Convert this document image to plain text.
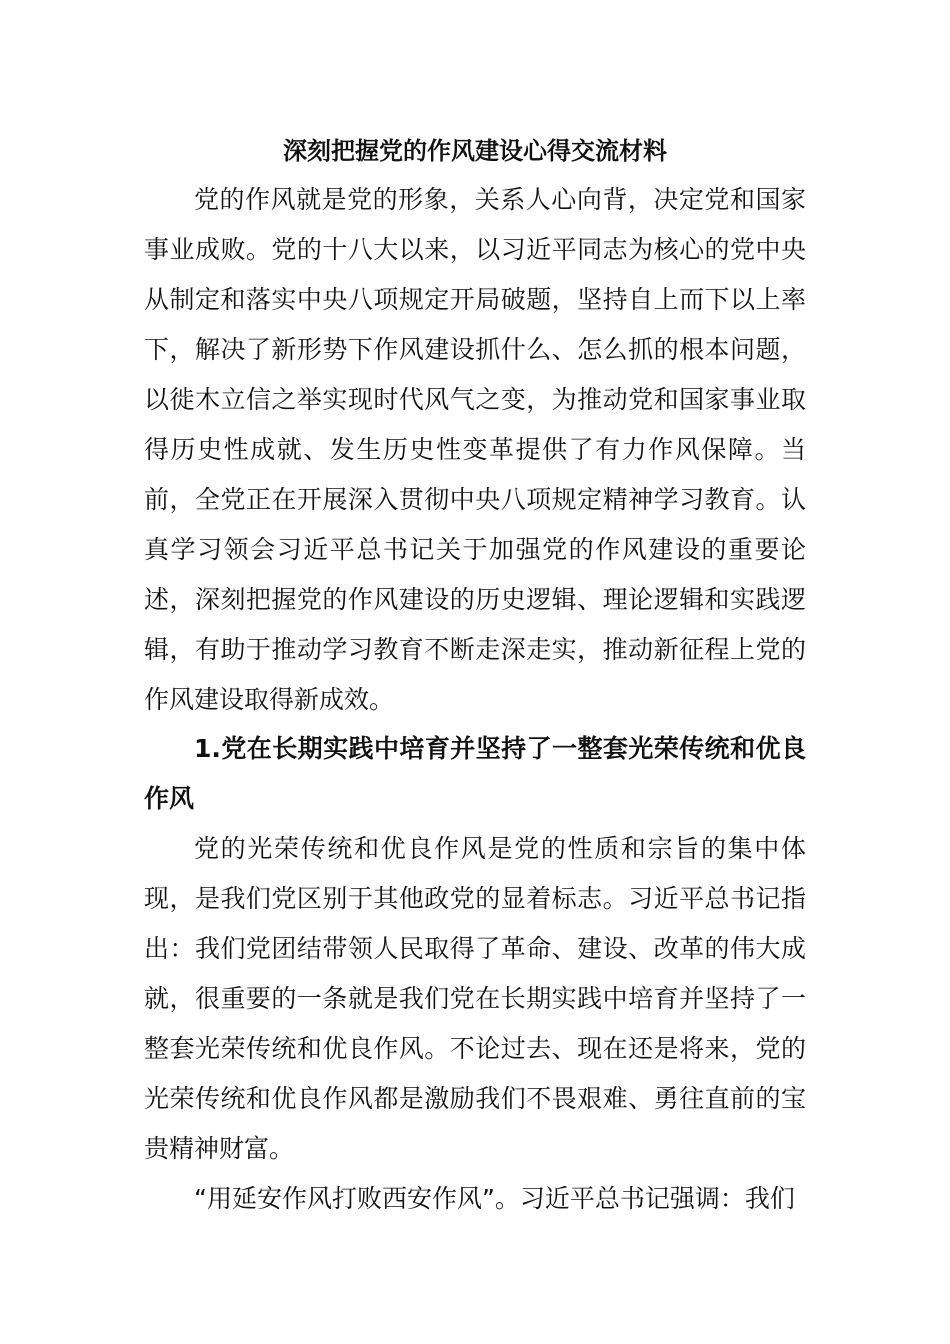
深刻把握党的作风建设心得交流材料
党的作风就是党的形象，关系人心向背，决定党和国家事业成败。党的十八大以来，以习近平同志为核心的党中央从制定和落实中央八项规定开局破题，坚持自上而下以上率下，解决了新形势下作风建设抓什么、怎么抓的根本问题，以徙木立信之举实现时代风气之变，为推动党和国家事业取得历史性成就、发生历史性变革提供了有力作风保障。当前，全党正在开展深入贯彻中央八项规定精神学习教育。认真学习领会习近平总书记关于加强党的作风建设的重要论述，深刻把握党的作风建设的历史逻辑、理论逻辑和实践逻辑，有助于推动学习教育不断走深走实，推动新征程上党的作风建设取得新成效。
1.党在长期实践中培育并坚持了一整套光荣传统和优良作风
党的光荣传统和优良作风是党的性质和宗旨的集中体现，是我们党区别于其他政党的显着标志。习近平总书记指出：我们党团结带领人民取得了革命、建设、改革的伟大成就，很重要的一条就是我们党在长期实践中培育并坚持了一整套光荣传统和优良作风。不论过去、现在还是将来，党的光荣传统和优良作风都是激励我们不畏艰难、勇往直前的宝贵精神财富。
“用延安作风打败西安作风”。习近平总书记强调：我们
